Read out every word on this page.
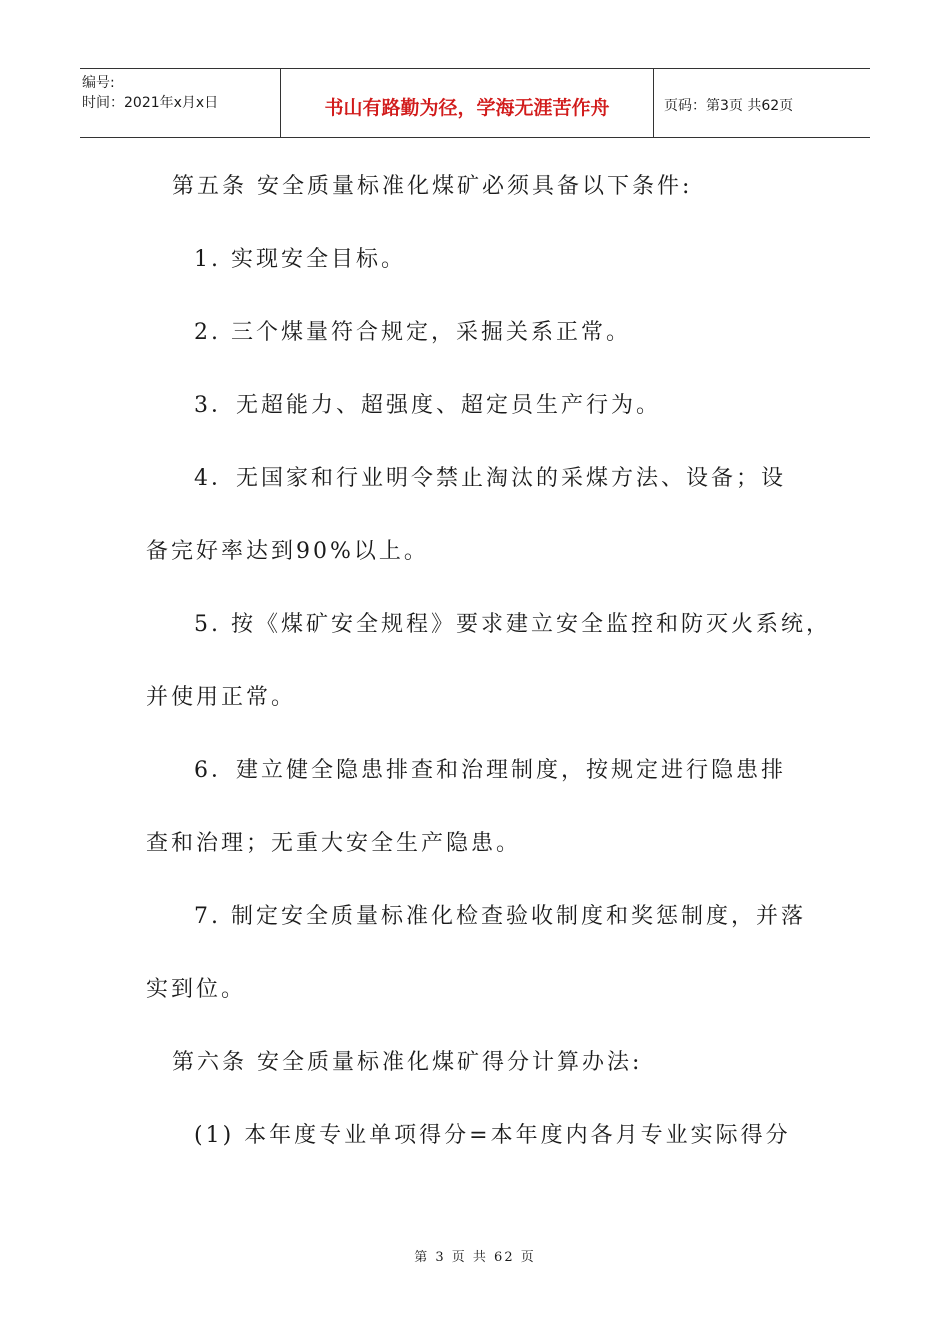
编号:
时间：2021年x月x日	书山有路勤为径，学海无涯苦作舟	页码：第3页 共62页
第五条 安全质量标准化煤矿必须具备以下条件:
1. 实现安全目标。
2. 三个煤量符合规定，采掘关系正常。
3．无超能力、超强度、超定员生产行为。
4．无国家和行业明令禁止淘汰的采煤方法、设备；设
备完好率达到90%以上。
5. 按《煤矿安全规程》要求建立安全监控和防灭火系统，
并使用正常。
6．建立健全隐患排查和治理制度，按规定进行隐患排
查和治理；无重大安全生产隐患。
7. 制定安全质量标准化检查验收制度和奖惩制度，并落
实到位。
第六条 安全质量标准化煤矿得分计算办法:
(1) 本年度专业单项得分=本年度内各月专业实际得分
第 3 页 共 62 页
